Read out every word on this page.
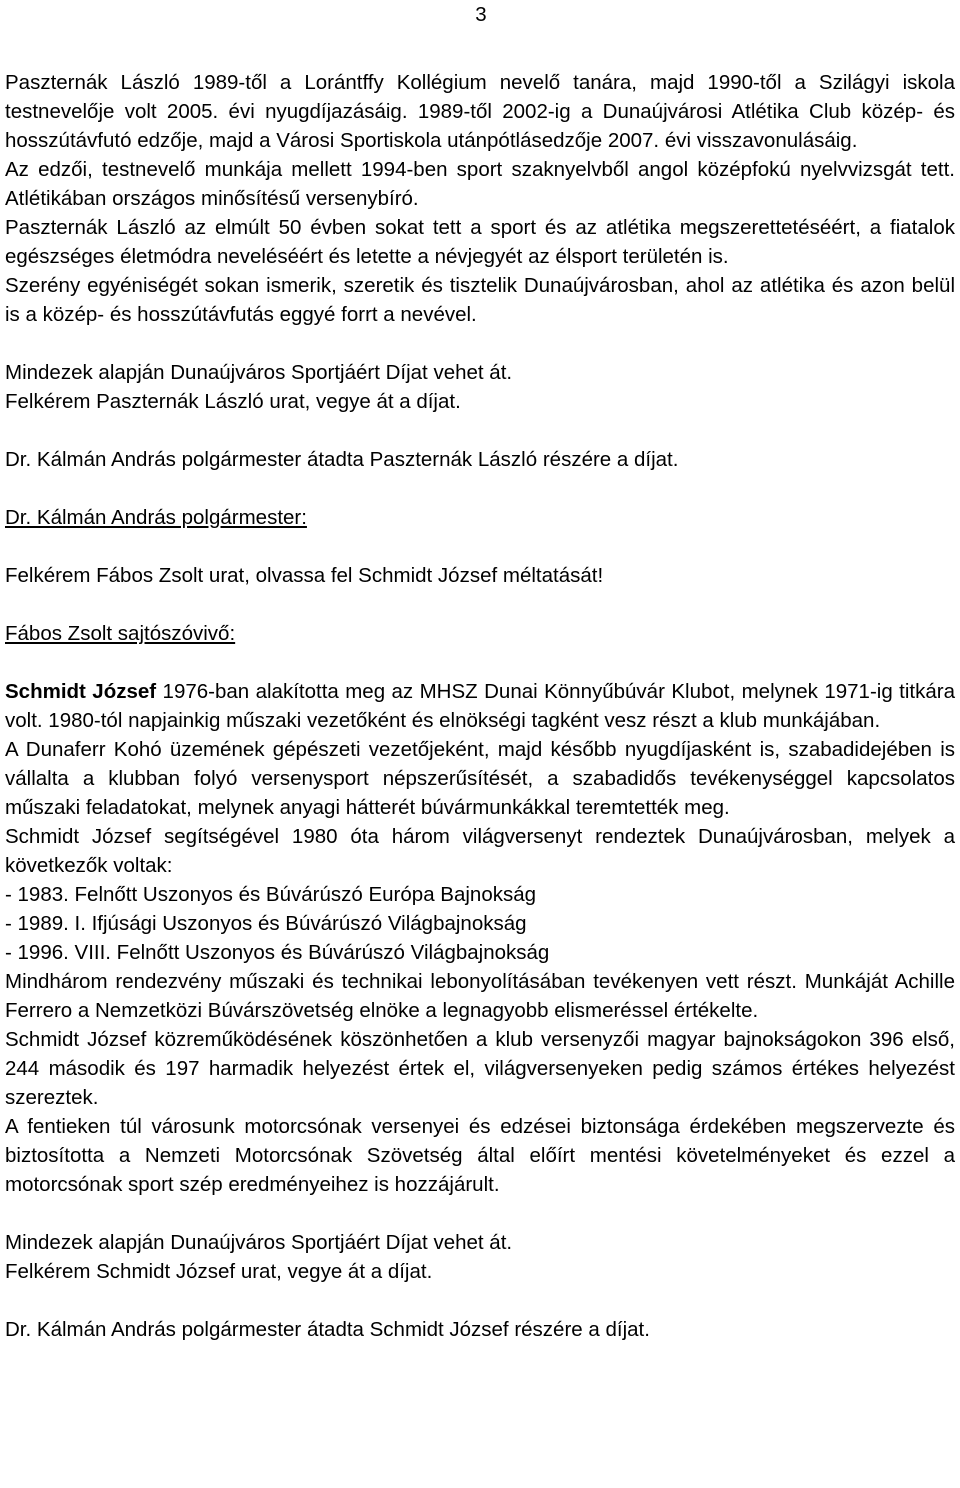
3

Paszternák László 1989-től a Lorántffy Kollégium nevelő tanára, majd 1990-től a Szilágyi iskola testnevelője volt 2005. évi nyugdíjazásáig. 1989-től 2002-ig a Dunaújvárosi Atlétika Club közép- és hosszútávfutó edzője, majd a Városi Sportiskola utánpótlásedzője 2007. évi visszavonulásáig.

Az edzői, testnevelő munkája mellett 1994-ben sport szaknyelvből angol középfokú nyelvvizsgát tett. Atlétikában országos minősítésű versenybíró.

Paszternák László az elmúlt 50 évben sokat tett a sport és az atlétika megszerettetéséért, a fiatalok egészséges életmódra neveléséért és letette a névjegyét az élsport területén is.

Szerény egyéniségét sokan ismerik, szeretik és tisztelik Dunaújvárosban, ahol az atlétika és azon belül is a közép- és hosszútávfutás eggyé forrt a nevével.

Mindezek alapján Dunaújváros Sportjáért Díjat vehet át.

Felkérem Paszternák László urat, vegye át a díjat.

Dr. Kálmán András polgármester átadta Paszternák László részére a díjat.

Dr. Kálmán András polgármester:

Felkérem Fábos Zsolt urat, olvassa fel Schmidt József méltatását!

Fábos Zsolt sajtószóvivő:

Schmidt József 1976-ban alakította meg az MHSZ Dunai Könnyűbúvár Klubot, melynek 1971-ig titkára volt. 1980-tól napjainkig műszaki vezetőként és elnökségi tagként vesz részt a klub munkájában.

A Dunaferr Kohó üzemének gépészeti vezetőjeként, majd később nyugdíjasként is, szabadidejében is vállalta a klubban folyó versenysport népszerűsítését, a szabadidős tevékenységgel kapcsolatos műszaki feladatokat, melynek anyagi hátterét búvármunkákkal teremtették meg.

Schmidt József segítségével 1980 óta három világversenyt rendeztek Dunaújvárosban, melyek a következők voltak:

- 1983. Felnőtt Uszonyos és Búvárúszó Európa Bajnokság

- 1989. I. Ifjúsági Uszonyos és Búvárúszó Világbajnokság

- 1996. VIII. Felnőtt Uszonyos és Búvárúszó Világbajnokság

Mindhárom rendezvény műszaki és technikai lebonyolításában tevékenyen vett részt. Munkáját Achille Ferrero a Nemzetközi Búvárszövetség elnöke a legnagyobb elismeréssel értékelte.

Schmidt József közreműködésének köszönhetően a klub versenyzői magyar bajnokságokon 396 első, 244 második és 197 harmadik helyezést értek el, világversenyeken pedig számos értékes helyezést szereztek.

A fentieken túl városunk motorcsónak versenyei és edzései biztonsága érdekében megszervezte és biztosította a Nemzeti Motorcsónak Szövetség által előírt mentési követelményeket és ezzel a motorcsónak sport szép eredményeihez is hozzájárult.

Mindezek alapján Dunaújváros Sportjáért Díjat vehet át.

Felkérem Schmidt József urat, vegye át a díjat.

Dr. Kálmán András polgármester átadta Schmidt József részére a díjat.
